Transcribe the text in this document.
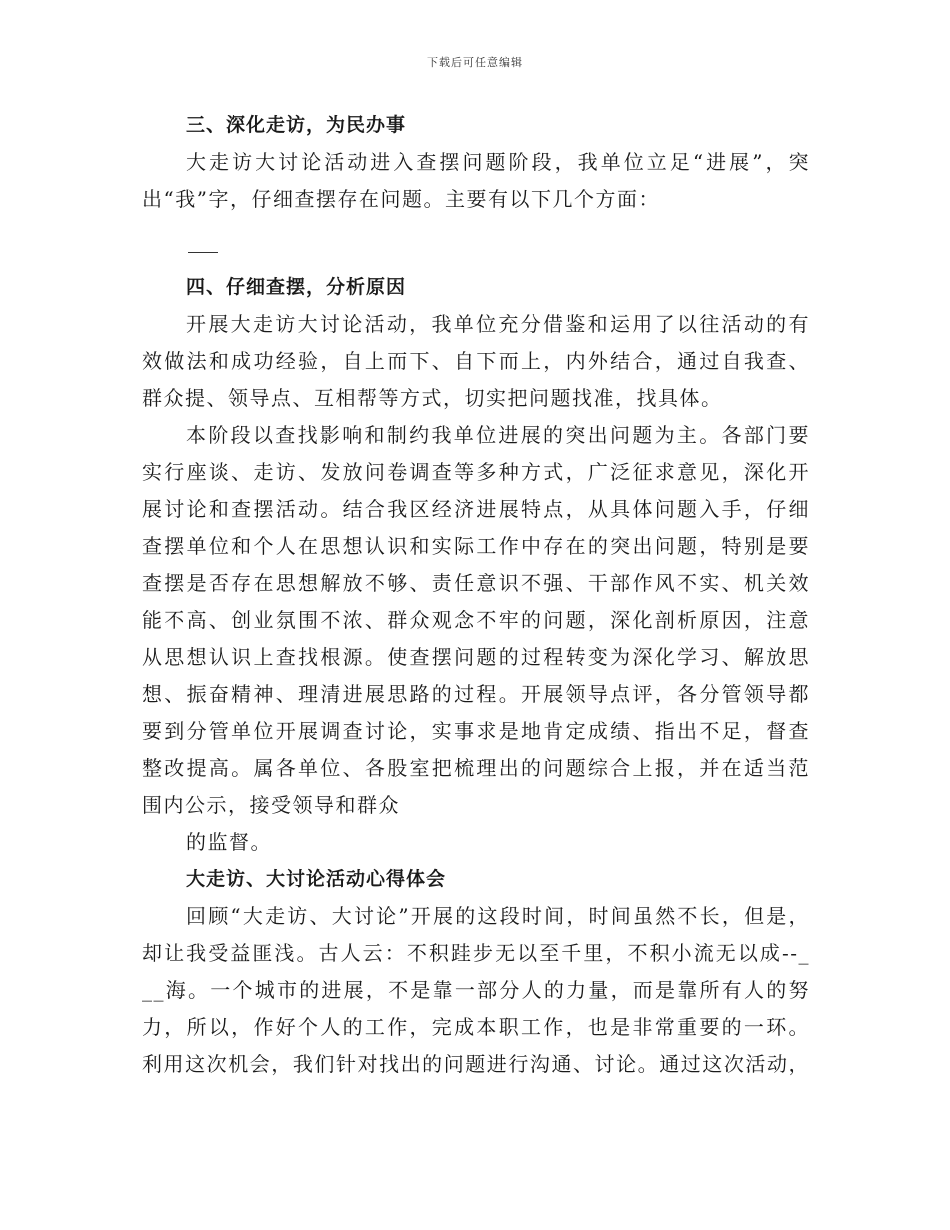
下载后可任意编辑
三、深化走访，为民办事
大走访大讨论活动进入查摆问题阶段，我单位立足“进展”，突
出“我”字，仔细查摆存在问题。主要有以下几个方面：
四、仔细查摆，分析原因
开展大走访大讨论活动，我单位充分借鉴和运用了以往活动的有
效做法和成功经验，自上而下、自下而上，内外结合，通过自我查、
群众提、领导点、互相帮等方式，切实把问题找准，找具体。
本阶段以查找影响和制约我单位进展的突出问题为主。各部门要
实行座谈、走访、发放问卷调查等多种方式，广泛征求意见，深化开
展讨论和查摆活动。结合我区经济进展特点，从具体问题入手，仔细
查摆单位和个人在思想认识和实际工作中存在的突出问题，特别是要
查摆是否存在思想解放不够、责任意识不强、干部作风不实、机关效
能不高、创业氛围不浓、群众观念不牢的问题，深化剖析原因，注意
从思想认识上查找根源。使查摆问题的过程转变为深化学习、解放思
想、振奋精神、理清进展思路的过程。开展领导点评，各分管领导都
要到分管单位开展调查讨论，实事求是地肯定成绩、指出不足，督查
整改提高。属各单位、各股室把梳理出的问题综合上报，并在适当范
围内公示，接受领导和群众
的监督。
大走访、大讨论活动心得体会
回顾“大走访、大讨论”开展的这段时间，时间虽然不长，但是，
却让我受益匪浅。古人云：不积跬步无以至千里，不积小流无以成--_
__海。一个城市的进展，不是靠一部分人的力量，而是靠所有人的努
力，所以，作好个人的工作，完成本职工作，也是非常重要的一环。
利用这次机会，我们针对找出的问题进行沟通、讨论。通过这次活动，
